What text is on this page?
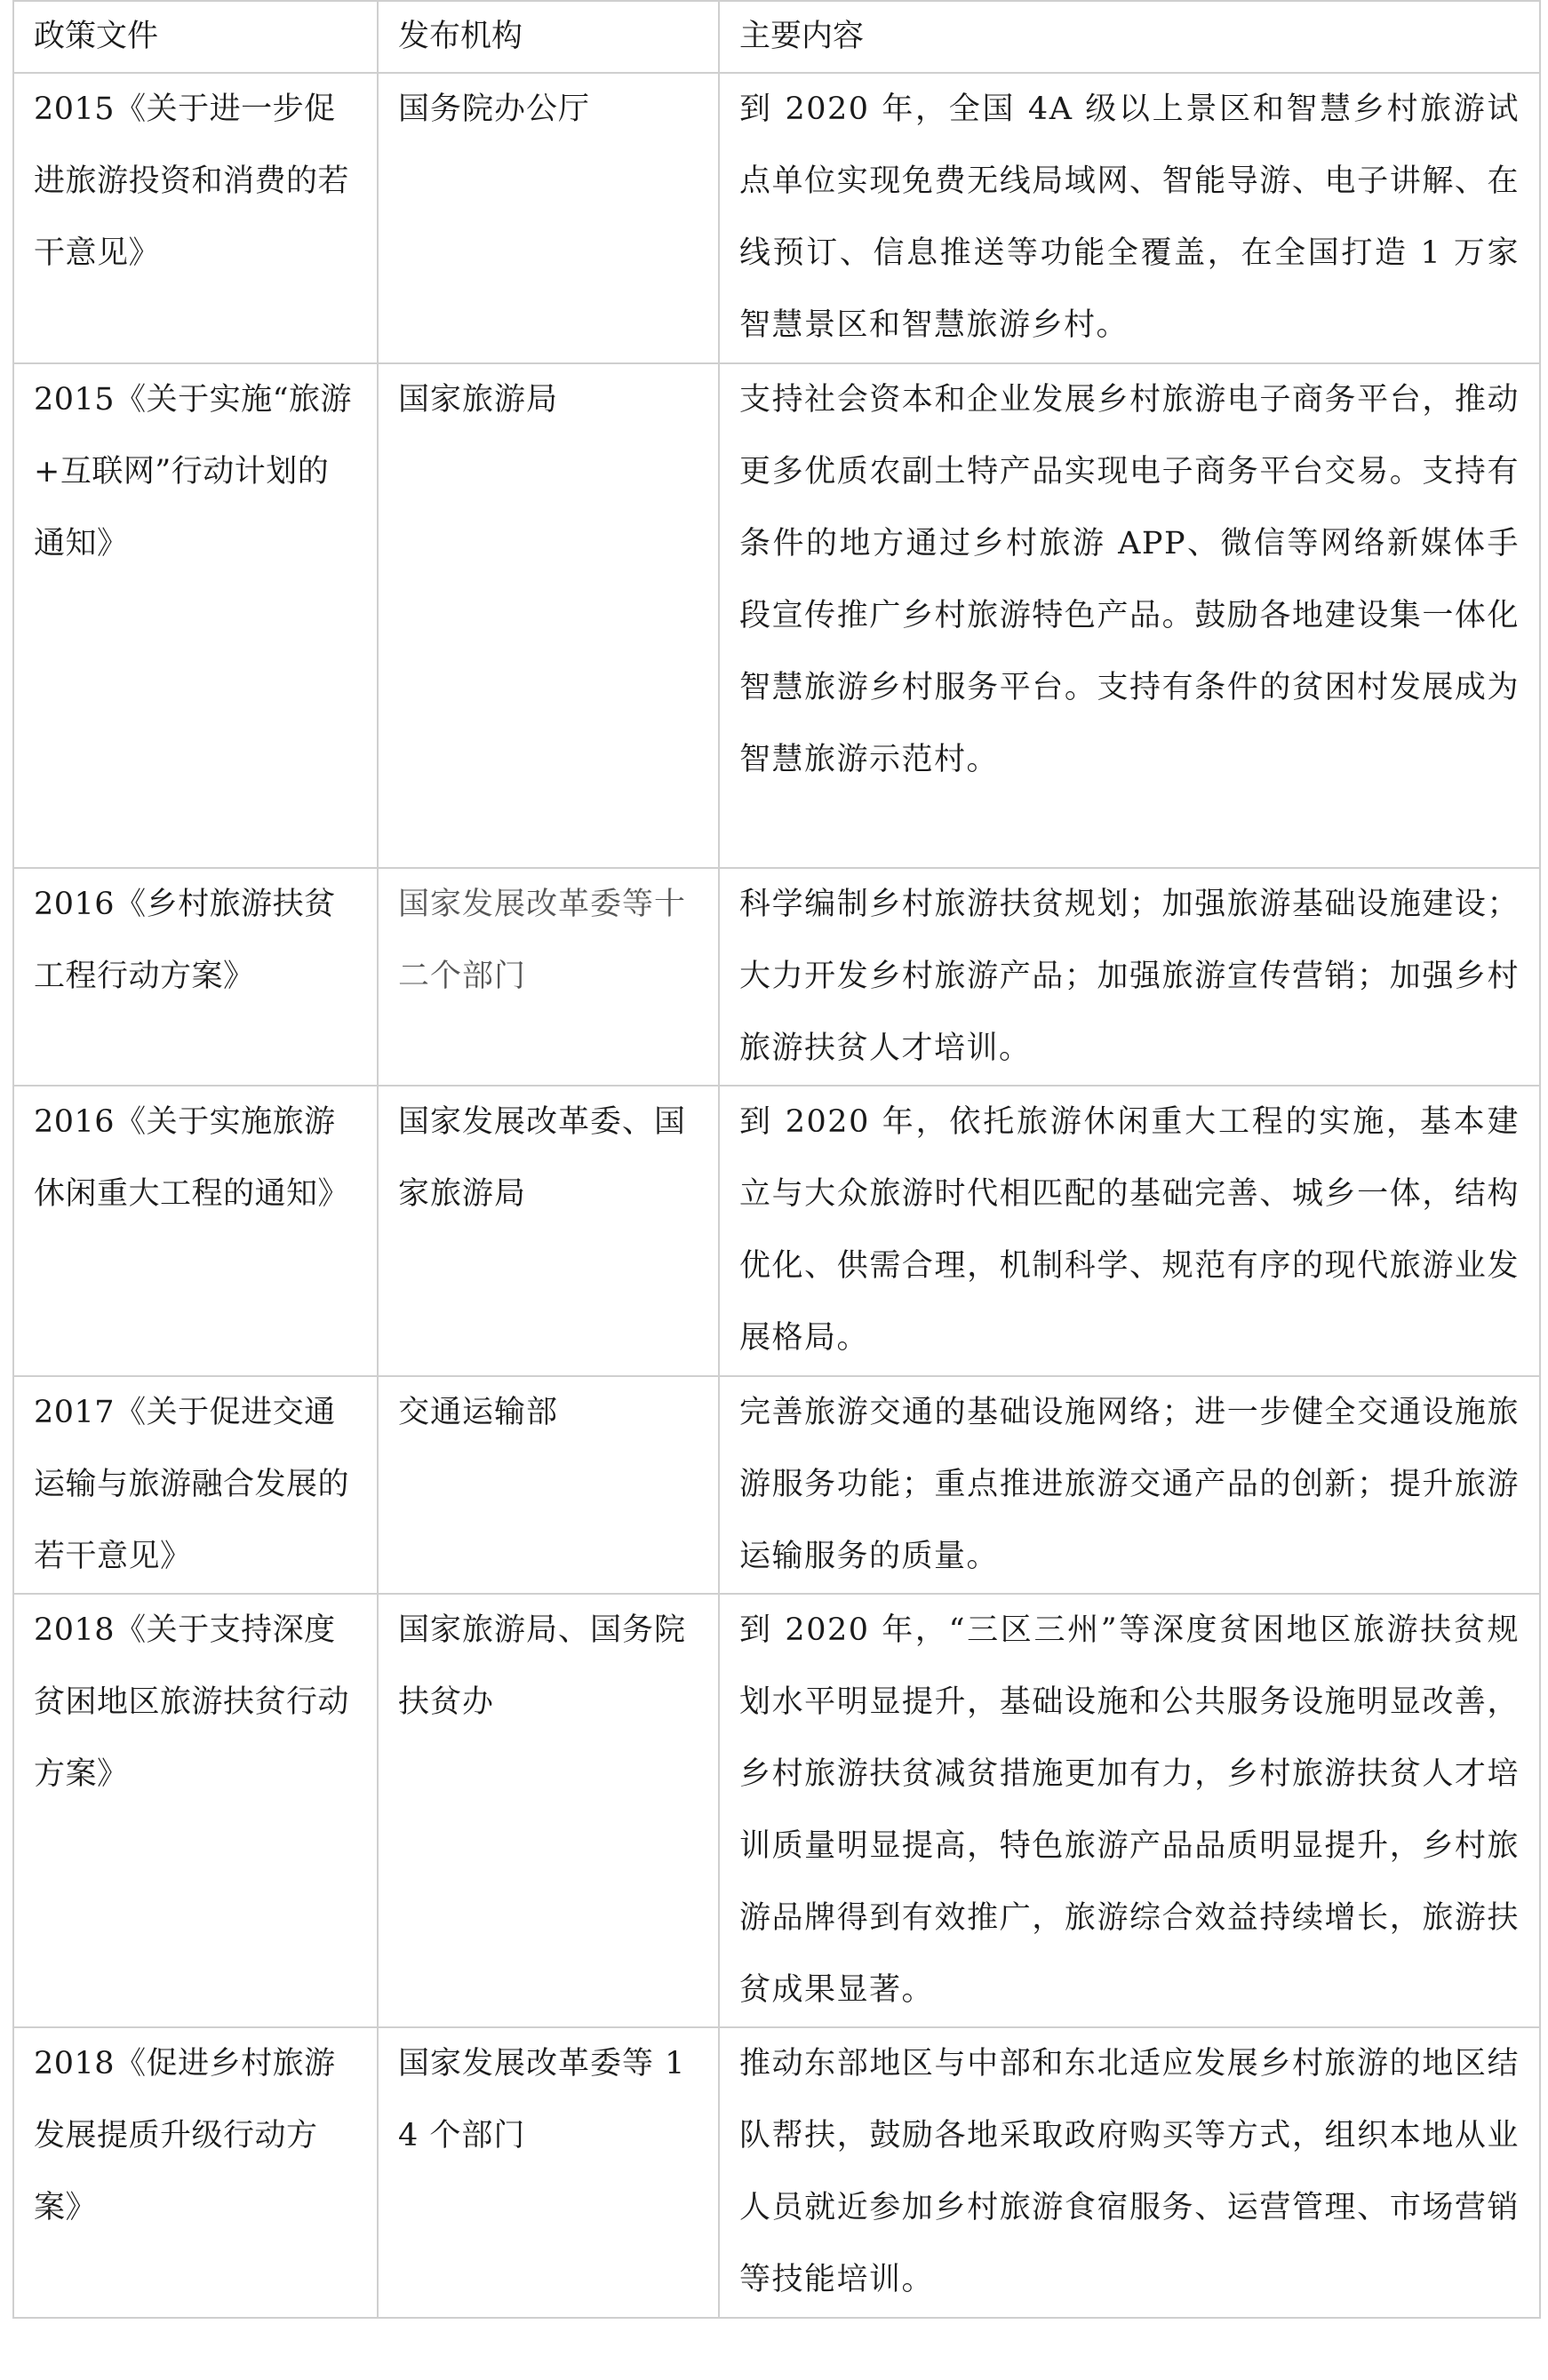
政策文件	发布机构	主要内容
2015《关于进一步促进旅游投资和消费的若干意见》	国务院办公厅	到 2020 年，全国 4A 级以上景区和智慧乡村旅游试点单位实现免费无线局域网、智能导游、电子讲解、在线预订、信息推送等功能全覆盖，在全国打造 1 万家智慧景区和智慧旅游乡村。
2015《关于实施“旅游+互联网”行动计划的通知》	国家旅游局	支持社会资本和企业发展乡村旅游电子商务平台，推动更多优质农副土特产品实现电子商务平台交易。支持有条件的地方通过乡村旅游 APP、微信等网络新媒体手段宣传推广乡村旅游特色产品。鼓励各地建设集一体化智慧旅游乡村服务平台。支持有条件的贫困村发展成为智慧旅游示范村。
2016《乡村旅游扶贫工程行动方案》	国家发展改革委等十二个部门	科学编制乡村旅游扶贫规划；加强旅游基础设施建设；大力开发乡村旅游产品；加强旅游宣传营销；加强乡村旅游扶贫人才培训。
2016《关于实施旅游休闲重大工程的通知》	国家发展改革委、国家旅游局	到 2020 年，依托旅游休闲重大工程的实施，基本建立与大众旅游时代相匹配的基础完善、城乡一体，结构优化、供需合理，机制科学、规范有序的现代旅游业发展格局。
2017《关于促进交通运输与旅游融合发展的若干意见》	交通运输部	完善旅游交通的基础设施网络；进一步健全交通设施旅游服务功能；重点推进旅游交通产品的创新；提升旅游运输服务的质量。
2018《关于支持深度贫困地区旅游扶贫行动方案》	国家旅游局、国务院扶贫办	到 2020 年，“三区三州”等深度贫困地区旅游扶贫规划水平明显提升，基础设施和公共服务设施明显改善，乡村旅游扶贫减贫措施更加有力，乡村旅游扶贫人才培训质量明显提高，特色旅游产品品质明显提升，乡村旅游品牌得到有效推广，旅游综合效益持续增长，旅游扶贫成果显著。
2018《促进乡村旅游发展提质升级行动方案》	国家发展改革委等 14 个部门	推动东部地区与中部和东北适应发展乡村旅游的地区结队帮扶，鼓励各地采取政府购买等方式，组织本地从业人员就近参加乡村旅游食宿服务、运营管理、市场营销等技能培训。
